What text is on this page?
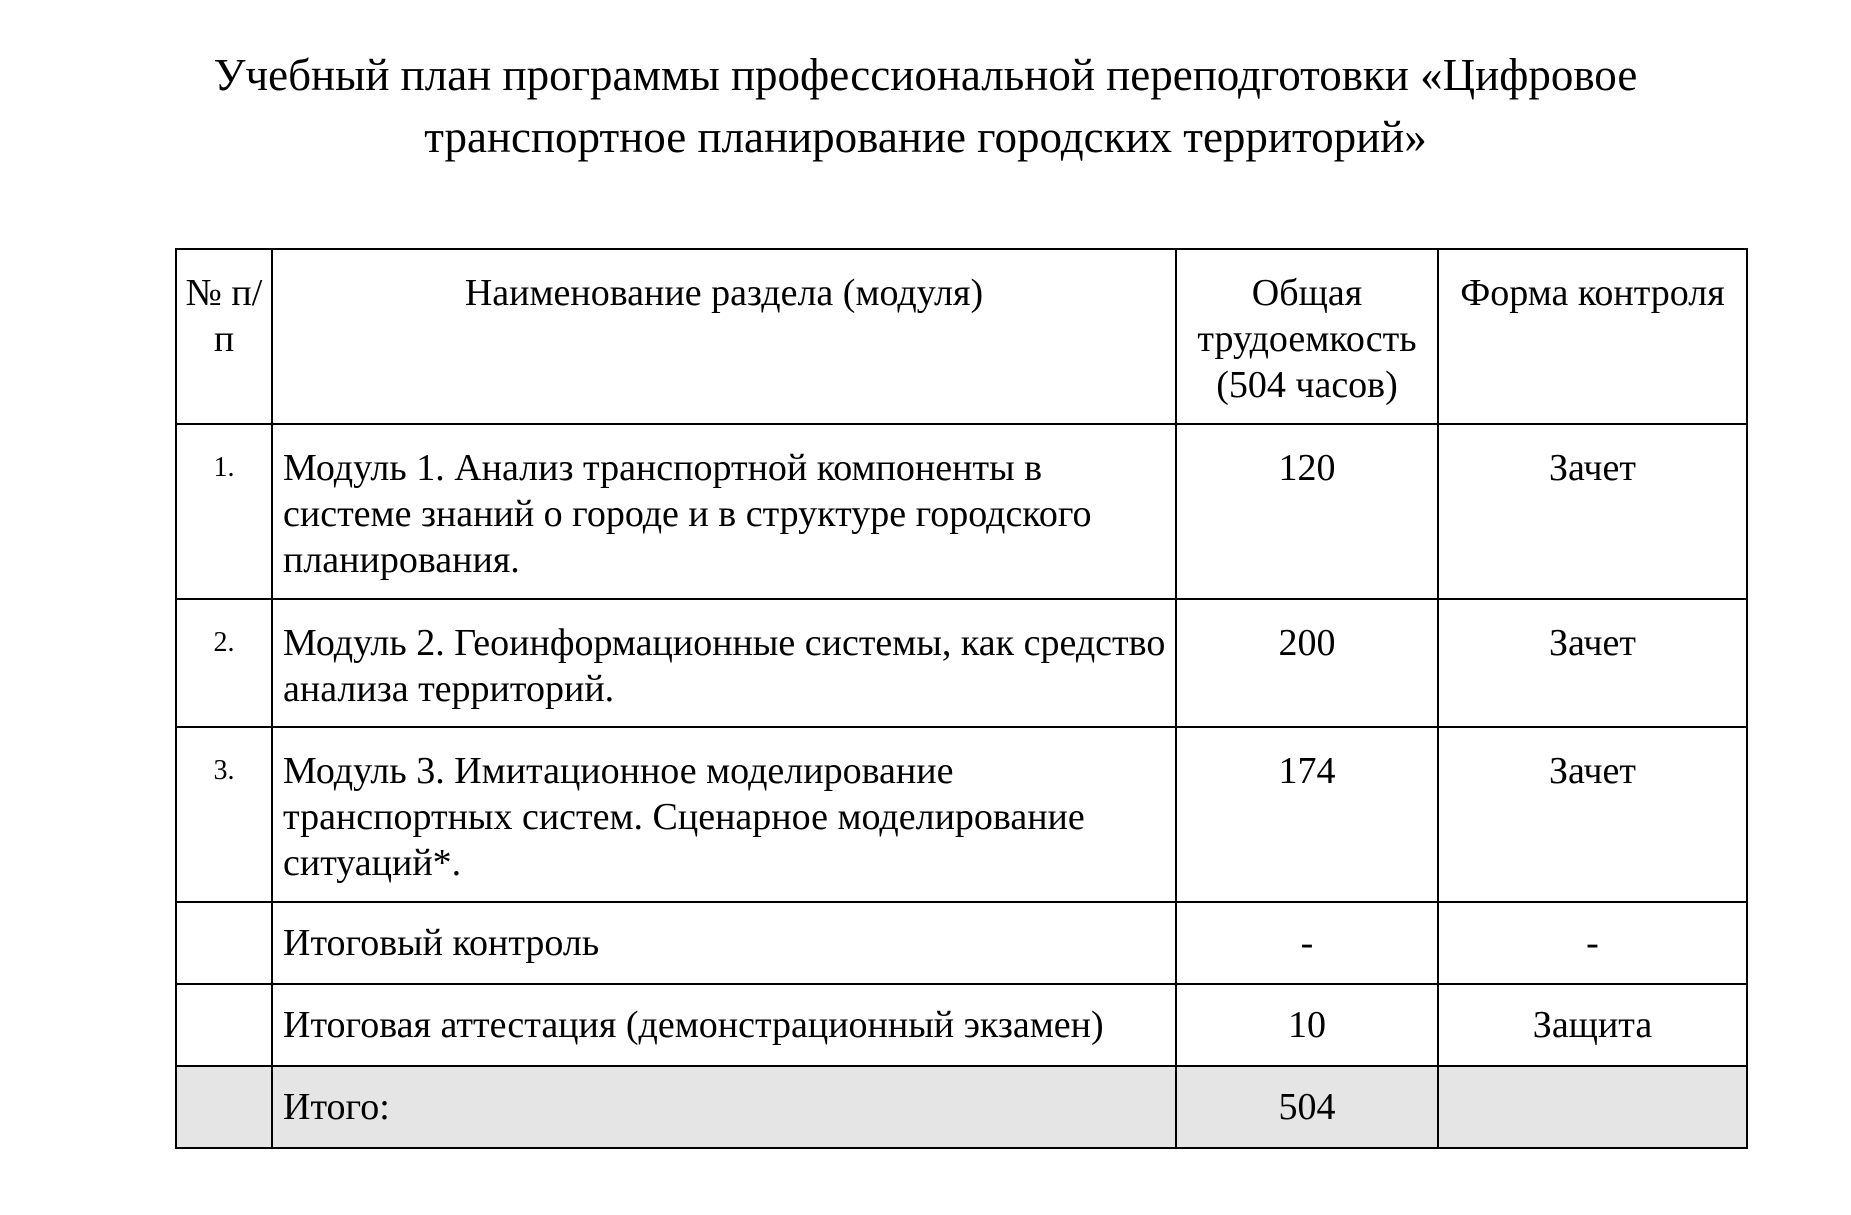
Учебный план программы профессиональной переподготовки «Цифровое
транспортное планирование городских территорий»
№ п/п	Наименование раздела (модуля)	Общая трудоемкость (504 часов)	Форма контроля
1.	Модуль 1. Анализ транспортной компоненты в системе знаний о городе и в структуре городского планирования.	120	Зачет
2.	Модуль 2. Геоинформационные системы, как средство анализа территорий.	200	Зачет
3.	Модуль 3. Имитационное моделирование транспортных систем. Сценарное моделирование ситуаций*.	174	Зачет
	Итоговый контроль	-	-
	Итоговая аттестация (демонстрационный экзамен)	10	Защита
	Итого:	504	
